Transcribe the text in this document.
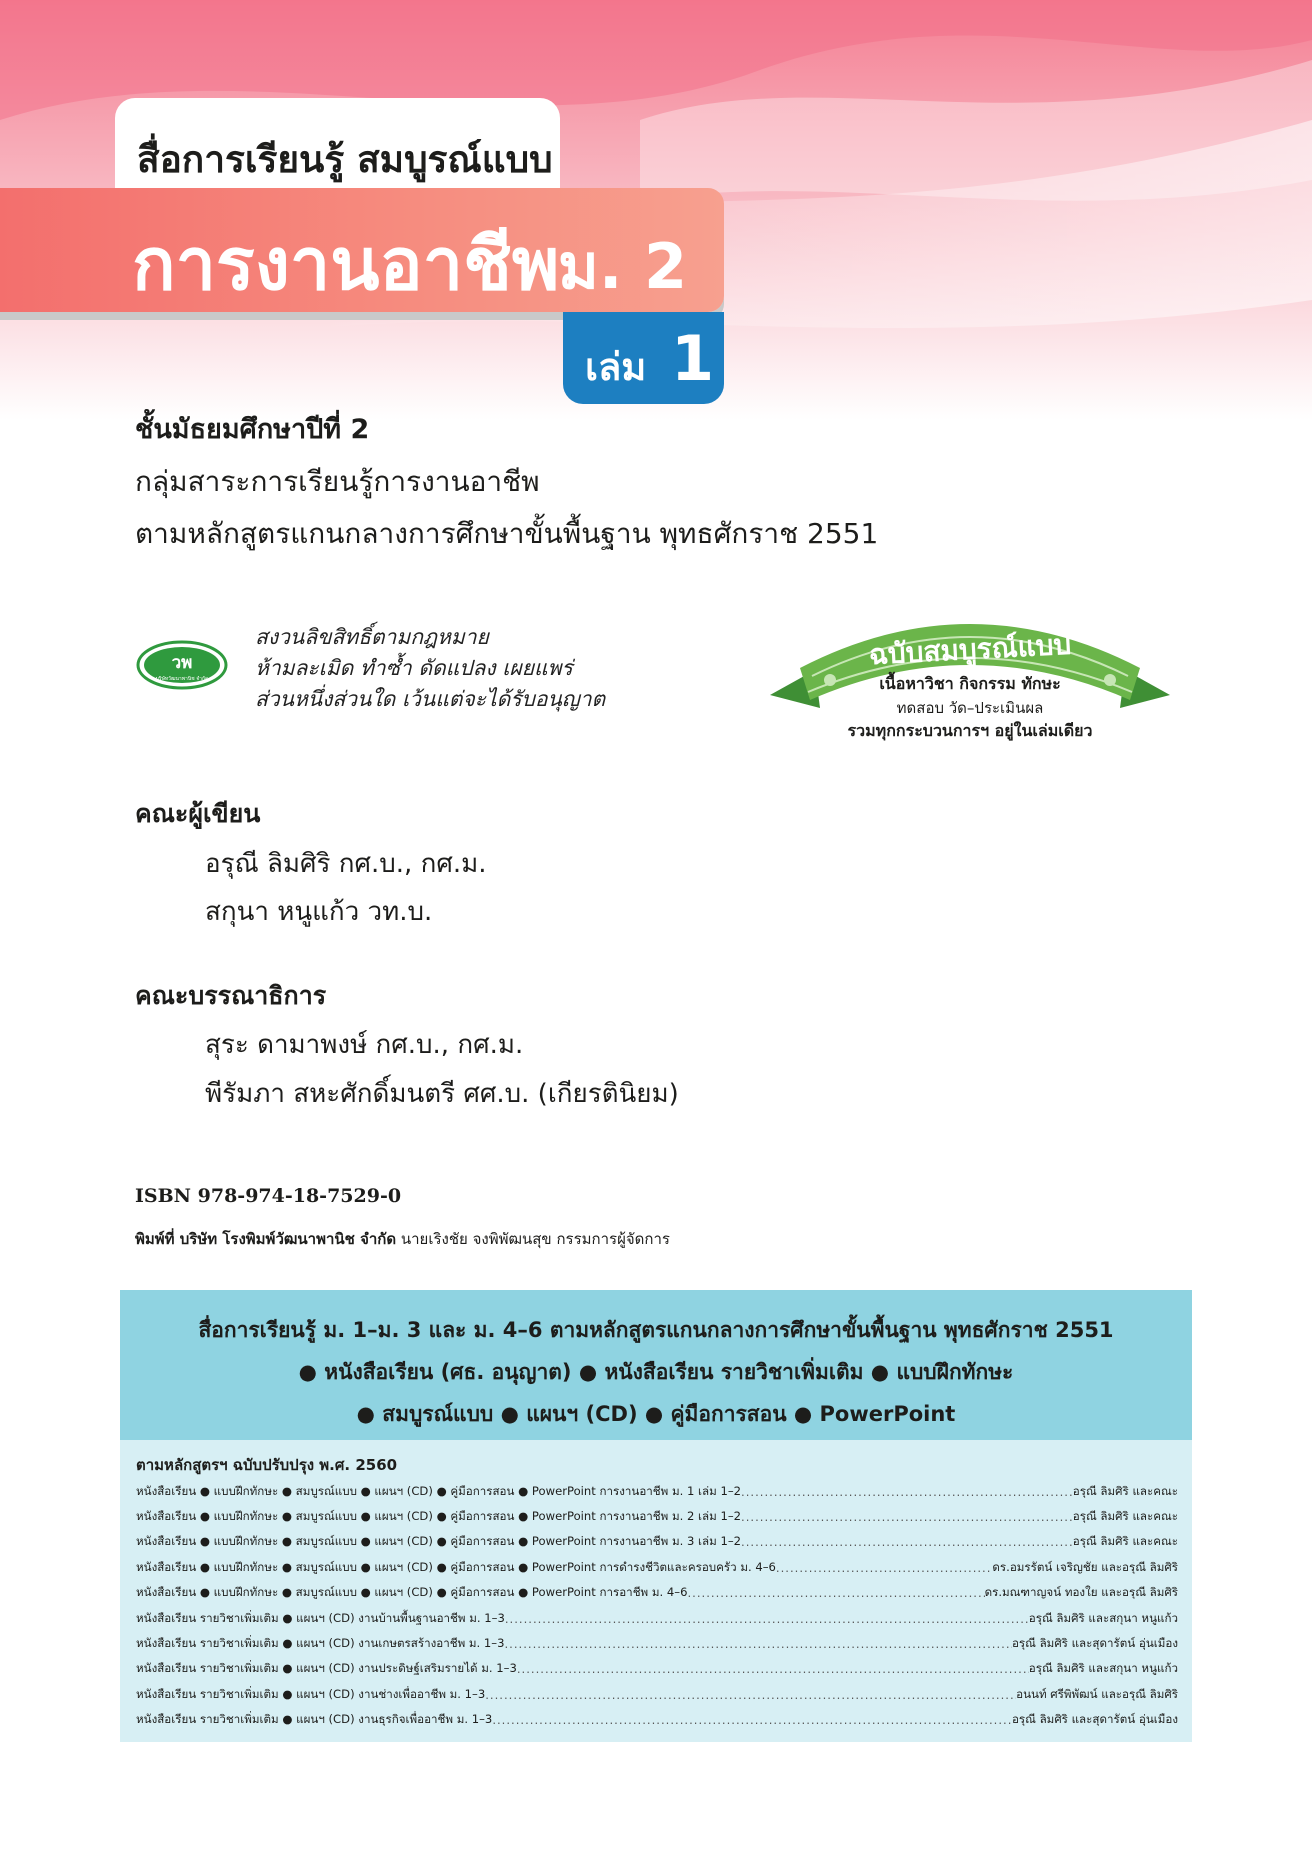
สื่อการเรียนรู้ สมบูรณ์แบบ
การงานอาชีพ
ม. 2
เล่ม 1
ชั้นมัธยมศึกษาปีที่ 2
กลุ่มสาระการเรียนรู้การงานอาชีพ
ตามหลักสูตรแกนกลางการศึกษาขั้นพื้นฐาน พุทธศักราช 2551
วพ
บริษัทวัฒนาพานิช จำกัด
สงวนลิขสิทธิ์ตามกฎหมาย
ห้ามละเมิด ทำซ้ำ ดัดแปลง เผยแพร่
ส่วนหนึ่งส่วนใด เว้นแต่จะได้รับอนุญาต
ฉบับสมบูรณ์แบบ
เนื้อหาวิชา กิจกรรม ทักษะ
ทดสอบ วัด–ประเมินผล
รวมทุกกระบวนการฯ อยู่ในเล่มเดียว
คณะผู้เขียน
อรุณี ลิมศิริ กศ.บ., กศ.ม.
สกุนา หนูแก้ว วท.บ.
คณะบรรณาธิการ
สุระ ดามาพงษ์ กศ.บ., กศ.ม.
พีรัมภา สหะศักดิ์มนตรี ศศ.บ. (เกียรตินิยม)
ISBN 978-974-18-7529-0
พิมพ์ที่ บริษัท โรงพิมพ์วัฒนาพานิช จำกัด นายเริงชัย จงพิพัฒนสุข กรรมการผู้จัดการ
สื่อการเรียนรู้ ม. 1–ม. 3 และ ม. 4–6 ตามหลักสูตรแกนกลางการศึกษาขั้นพื้นฐาน พุทธศักราช 2551
● หนังสือเรียน (ศธ. อนุญาต) ● หนังสือเรียน รายวิชาเพิ่มเติม ● แบบฝึกทักษะ
● สมบูรณ์แบบ ● แผนฯ (CD) ● คู่มือการสอน ● PowerPoint
ตามหลักสูตรฯ ฉบับปรับปรุง พ.ศ. 2560
หนังสือเรียน ● แบบฝึกทักษะ ● สมบูรณ์แบบ ● แผนฯ (CD) ● คู่มือการสอน ● PowerPoint การงานอาชีพ ม. 1 เล่ม 1–2 .....	อรุณี ลิมศิริ และคณะ
หนังสือเรียน ● แบบฝึกทักษะ ● สมบูรณ์แบบ ● แผนฯ (CD) ● คู่มือการสอน ● PowerPoint การงานอาชีพ ม. 2 เล่ม 1–2 .....	อรุณี ลิมศิริ และคณะ
หนังสือเรียน ● แบบฝึกทักษะ ● สมบูรณ์แบบ ● แผนฯ (CD) ● คู่มือการสอน ● PowerPoint การงานอาชีพ ม. 3 เล่ม 1–2 .....	อรุณี ลิมศิริ และคณะ
หนังสือเรียน ● แบบฝึกทักษะ ● สมบูรณ์แบบ ● แผนฯ (CD) ● คู่มือการสอน ● PowerPoint การดำรงชีวิตและครอบครัว ม. 4–6 .....	ดร.อมรรัตน์ เจริญชัย และอรุณี ลิมศิริ
หนังสือเรียน ● แบบฝึกทักษะ ● สมบูรณ์แบบ ● แผนฯ (CD) ● คู่มือการสอน ● PowerPoint การอาชีพ ม. 4–6 .....	ดร.มณฑาญจน์ ทองใย และอรุณี ลิมศิริ
หนังสือเรียน รายวิชาเพิ่มเติม ● แผนฯ (CD) งานบ้านพื้นฐานอาชีพ ม. 1–3 .....	อรุณี ลิมศิริ และสกุนา หนูแก้ว
หนังสือเรียน รายวิชาเพิ่มเติม ● แผนฯ (CD) งานเกษตรสร้างอาชีพ ม. 1–3 .....	อรุณี ลิมศิริ และสุดารัตน์ อุ่นเมือง
หนังสือเรียน รายวิชาเพิ่มเติม ● แผนฯ (CD) งานประดิษฐ์เสริมรายได้ ม. 1–3 .....	อรุณี ลิมศิริ และสกุนา หนูแก้ว
หนังสือเรียน รายวิชาเพิ่มเติม ● แผนฯ (CD) งานช่างเพื่ออาชีพ ม. 1–3 .....	อนนท์ ศรีพิพัฒน์ และอรุณี ลิมศิริ
หนังสือเรียน รายวิชาเพิ่มเติม ● แผนฯ (CD) งานธุรกิจเพื่ออาชีพ ม. 1–3 .....	อรุณี ลิมศิริ และสุดารัตน์ อุ่นเมือง
